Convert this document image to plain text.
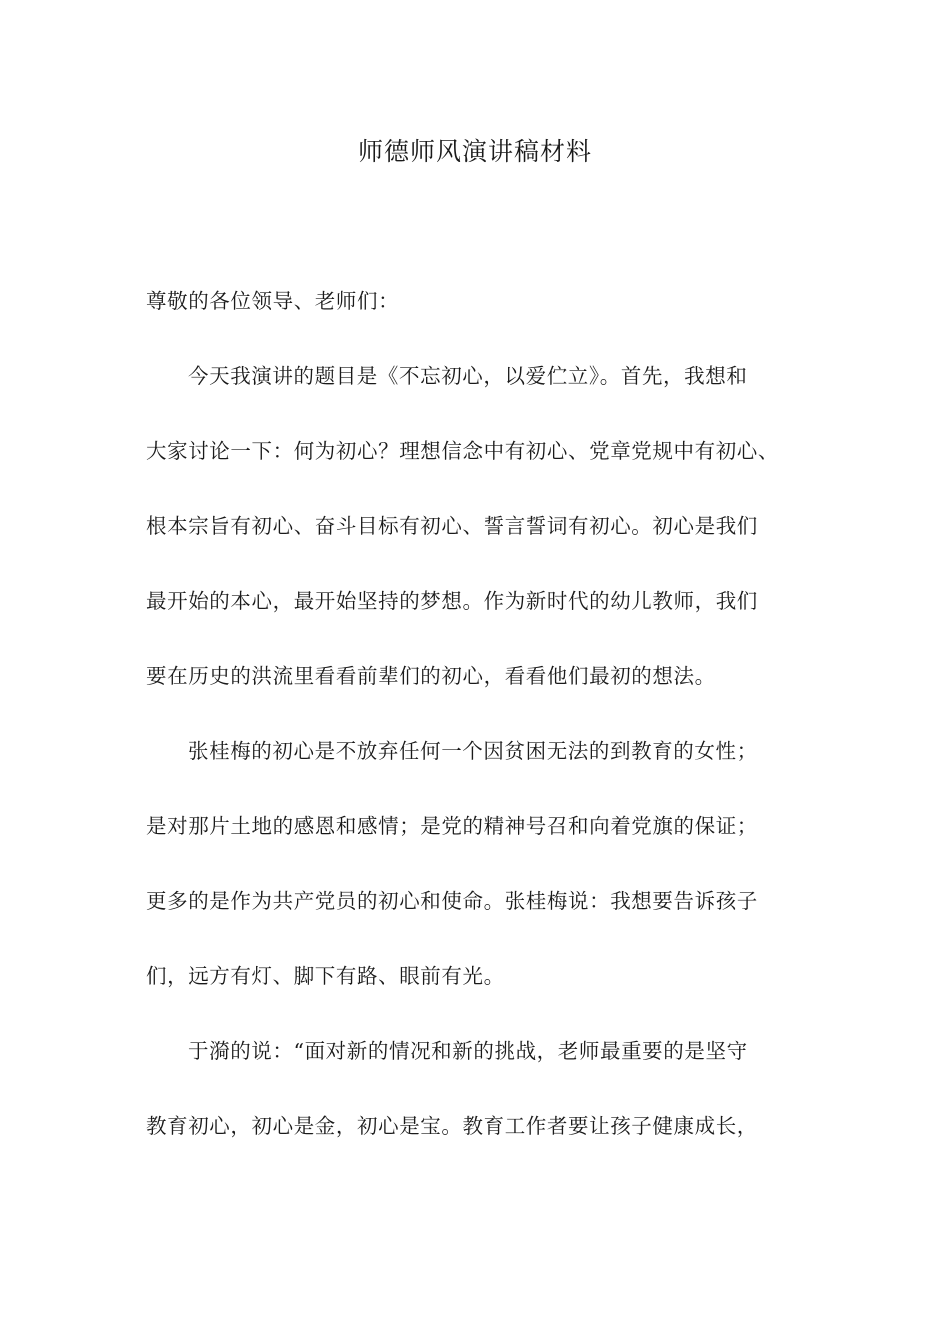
师德师风演讲稿材料
尊敬的各位领导、老师们：
今天我演讲的题目是《不忘初心，以爱伫立》。首先，我想和
大家讨论一下：何为初心？理想信念中有初心、党章党规中有初心、
根本宗旨有初心、奋斗目标有初心、誓言誓词有初心。初心是我们
最开始的本心，最开始坚持的梦想。作为新时代的幼儿教师，我们
要在历史的洪流里看看前辈们的初心，看看他们最初的想法。
张桂梅的初心是不放弃任何一个因贫困无法的到教育的女性；
是对那片土地的感恩和感情；是党的精神号召和向着党旗的保证；
更多的是作为共产党员的初心和使命。张桂梅说：我想要告诉孩子
们，远方有灯、脚下有路、眼前有光。
于漪的说：“面对新的情况和新的挑战，老师最重要的是坚守
教育初心，初心是金，初心是宝。教育工作者要让孩子健康成长，
